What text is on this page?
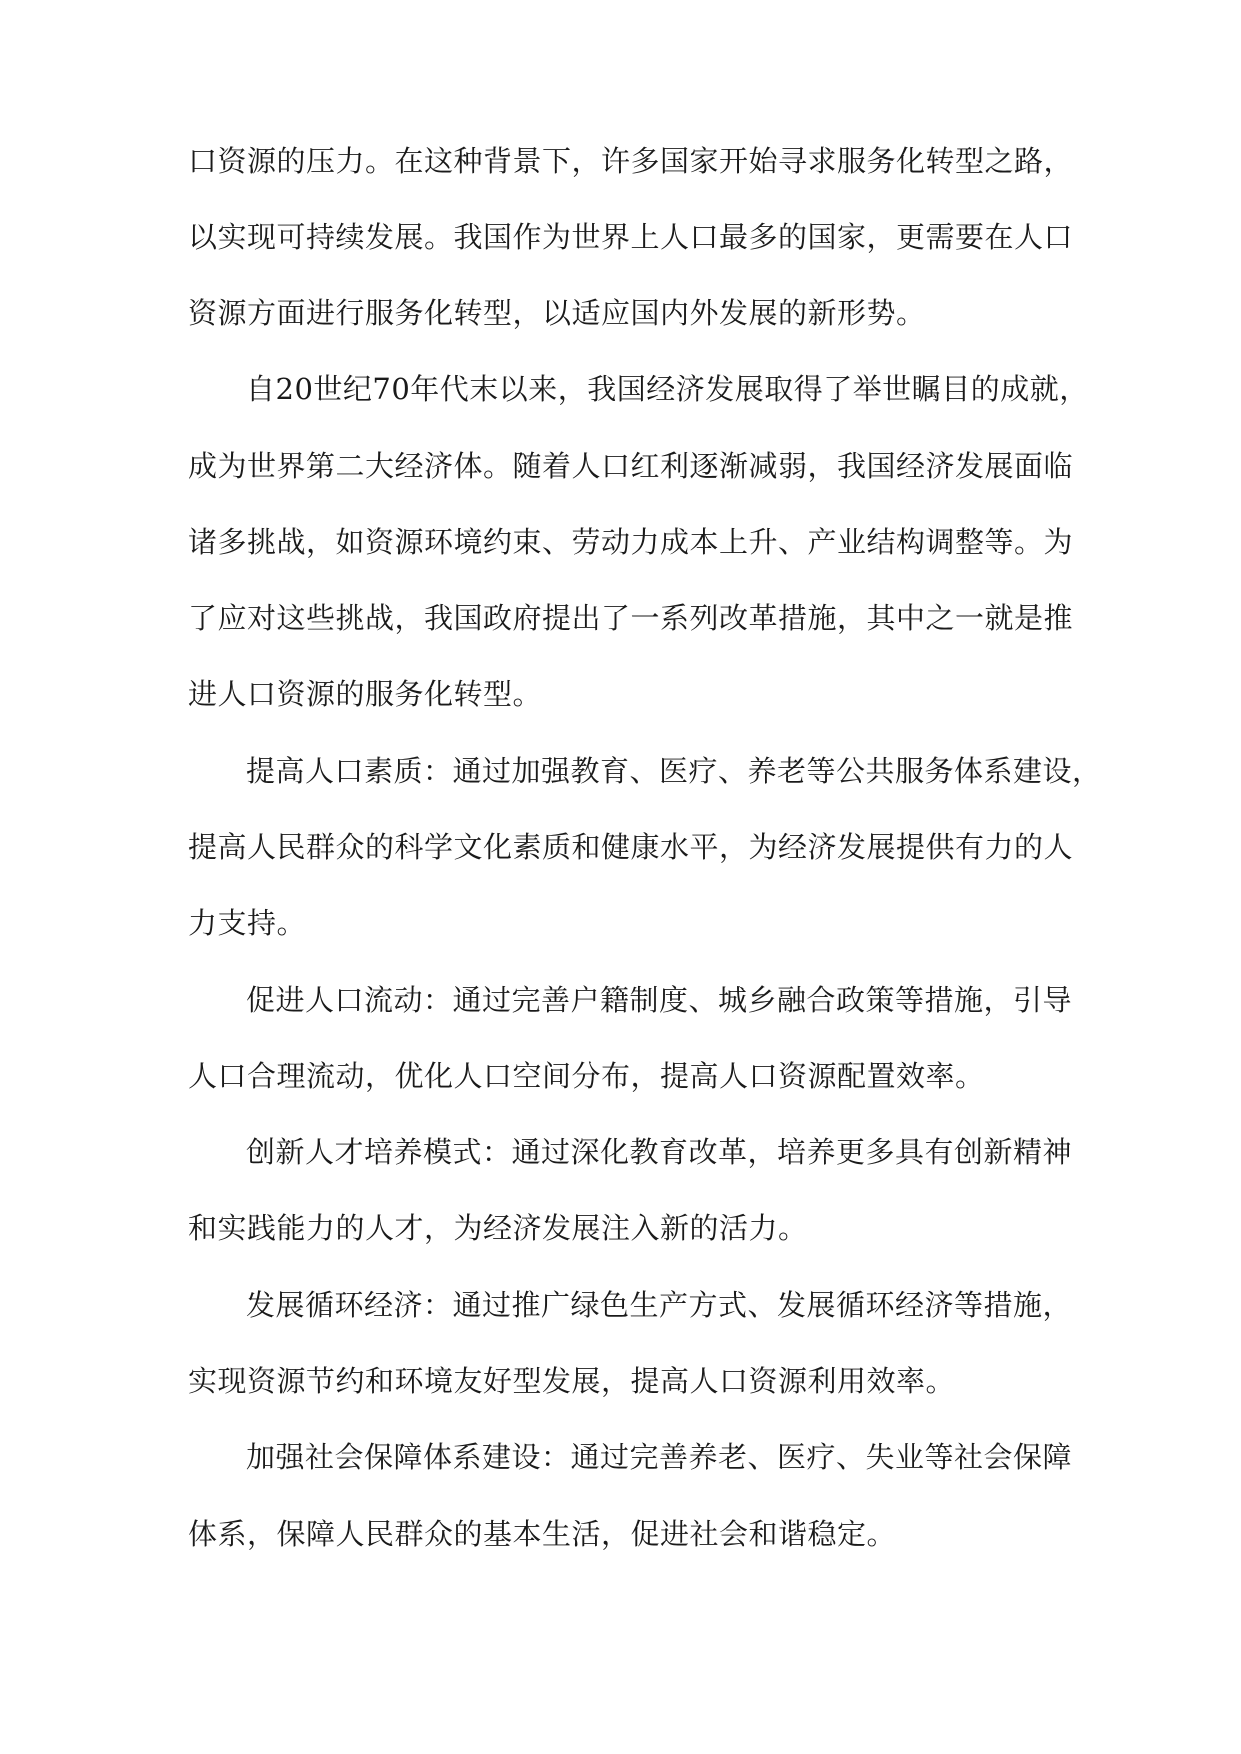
口资源的压力。在这种背景下，许多国家开始寻求服务化转型之路，
以实现可持续发展。我国作为世界上人口最多的国家，更需要在人口
资源方面进行服务化转型，以适应国内外发展的新形势。
自20世纪70年代末以来，我国经济发展取得了举世瞩目的成就，
成为世界第二大经济体。随着人口红利逐渐减弱，我国经济发展面临
诸多挑战，如资源环境约束、劳动力成本上升、产业结构调整等。为
了应对这些挑战，我国政府提出了一系列改革措施，其中之一就是推
进人口资源的服务化转型。
提高人口素质：通过加强教育、医疗、养老等公共服务体系建设，
提高人民群众的科学文化素质和健康水平，为经济发展提供有力的人
力支持。
促进人口流动：通过完善户籍制度、城乡融合政策等措施，引导
人口合理流动，优化人口空间分布，提高人口资源配置效率。
创新人才培养模式：通过深化教育改革，培养更多具有创新精神
和实践能力的人才，为经济发展注入新的活力。
发展循环经济：通过推广绿色生产方式、发展循环经济等措施，
实现资源节约和环境友好型发展，提高人口资源利用效率。
加强社会保障体系建设：通过完善养老、医疗、失业等社会保障
体系，保障人民群众的基本生活，促进社会和谐稳定。
